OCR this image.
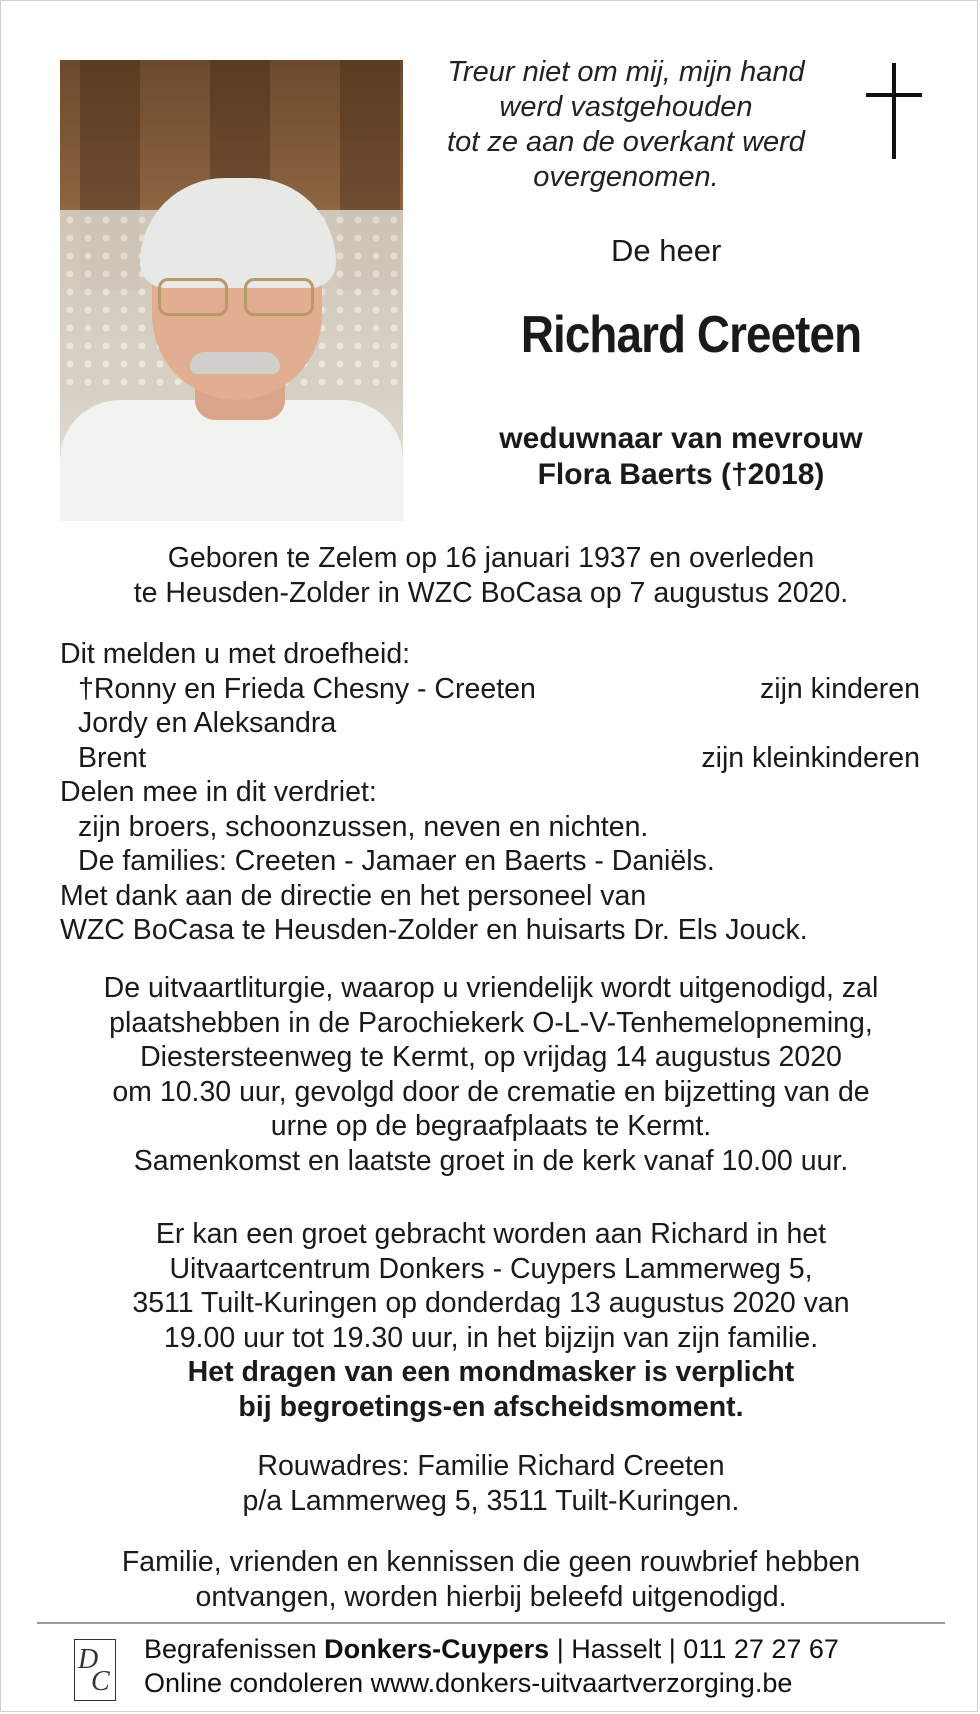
Treur niet om mij, mijn hand
werd vastgehouden
tot ze aan de overkant werd
overgenomen.
De heer
Richard Creeten
weduwnaar van mevrouw
Flora Baerts (†2018)
Geboren te Zelem op 16 januari 1937 en overleden
te Heusden-Zolder in WZC BoCasa op 7 augustus 2020.
Dit melden u met droefheid:
†Ronny en Frieda Chesny - Creeten	zijn kinderen
Jordy en Aleksandra
Brent	zijn kleinkinderen
Delen mee in dit verdriet:
zijn broers, schoonzussen, neven en nichten.
De families: Creeten - Jamaer en Baerts - Daniëls.
Met dank aan de directie en het personeel van
WZC BoCasa te Heusden-Zolder en huisarts Dr. Els Jouck.
De uitvaartliturgie, waarop u vriendelijk wordt uitgenodigd, zal
plaatshebben in de Parochiekerk O-L-V-Tenhemelopneming,
Diestersteenweg te Kermt, op vrijdag 14 augustus 2020
om 10.30 uur, gevolgd door de crematie en bijzetting van de
urne op de begraafplaats te Kermt.
Samenkomst en laatste groet in de kerk vanaf 10.00 uur.
Er kan een groet gebracht worden aan Richard in het
Uitvaartcentrum Donkers - Cuypers Lammerweg 5,
3511 Tuilt-Kuringen op donderdag 13 augustus 2020 van
19.00 uur tot 19.30 uur, in het bijzijn van zijn familie.
Het dragen van een mondmasker is verplicht
bij begroetings-en afscheidsmoment.
Rouwadres: Familie Richard Creeten
p/a Lammerweg 5, 3511 Tuilt-Kuringen.
Familie, vrienden en kennissen die geen rouwbrief hebben
ontvangen, worden hierbij beleefd uitgenodigd.
D
C
Begrafenissen Donkers-Cuypers | Hasselt | 011 27 27 67
Online condoleren www.donkers-uitvaartverzorging.be
